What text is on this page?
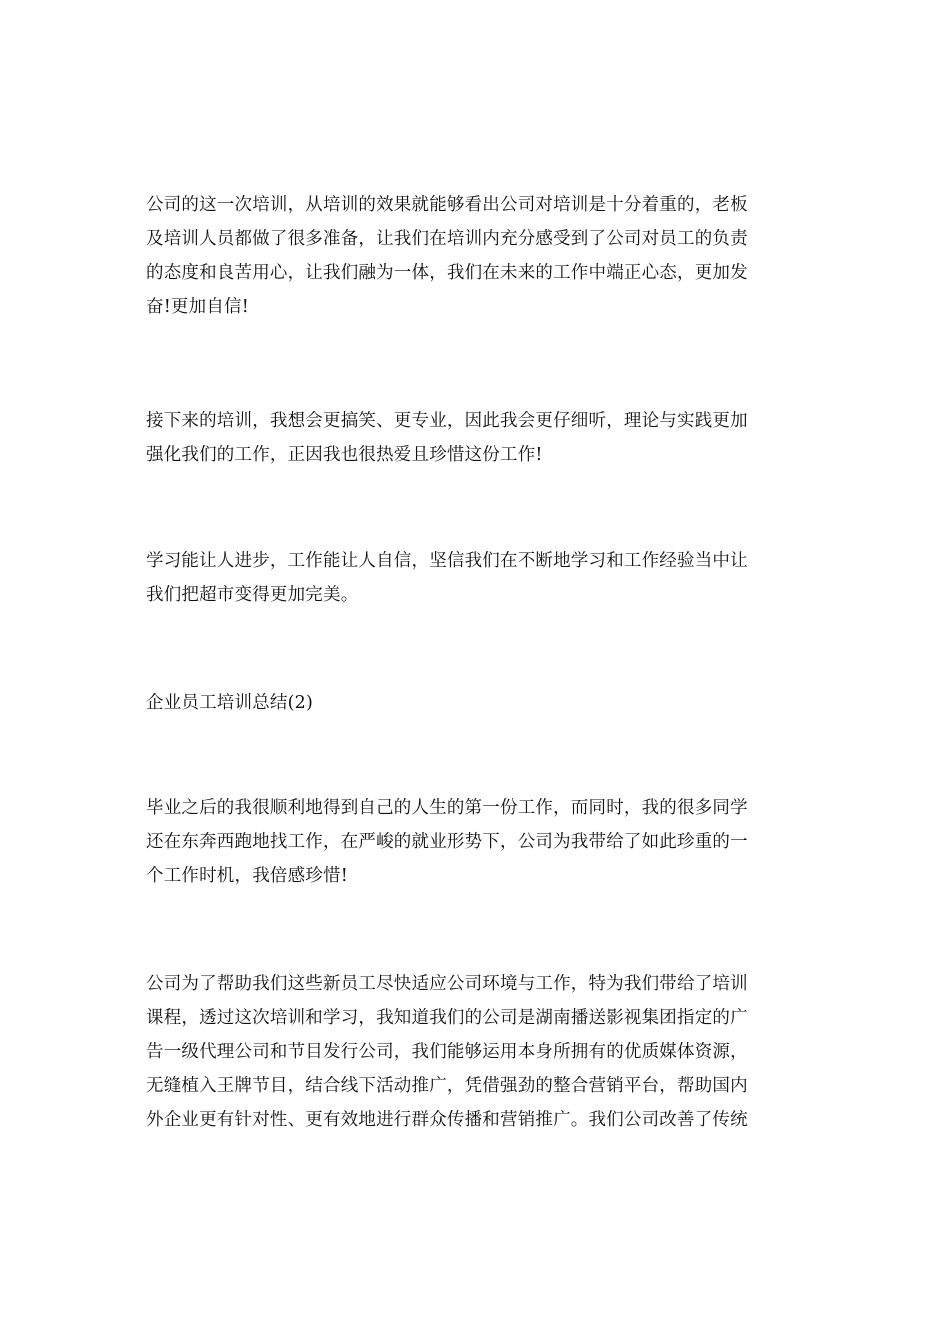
公司的这一次培训，从培训的效果就能够看出公司对培训是十分着重的，老板
及培训人员都做了很多准备，让我们在培训内充分感受到了公司对员工的负责
的态度和良苦用心，让我们融为一体，我们在未来的工作中端正心态，更加发
奋!更加自信!
接下来的培训，我想会更搞笑、更专业，因此我会更仔细听，理论与实践更加
强化我们的工作，正因我也很热爱且珍惜这份工作!
学习能让人进步，工作能让人自信，坚信我们在不断地学习和工作经验当中让
我们把超市变得更加完美。
企业员工培训总结(2)
毕业之后的我很顺利地得到自己的人生的第一份工作，而同时，我的很多同学
还在东奔西跑地找工作，在严峻的就业形势下，公司为我带给了如此珍重的一
个工作时机，我倍感珍惜!
公司为了帮助我们这些新员工尽快适应公司环境与工作，特为我们带给了培训
课程，透过这次培训和学习，我知道我们的公司是湖南播送影视集团指定的广
告一级代理公司和节目发行公司，我们能够运用本身所拥有的优质媒体资源，
无缝植入王牌节目，结合线下活动推广，凭借强劲的整合营销平台，帮助国内
外企业更有针对性、更有效地进行群众传播和营销推广。我们公司改善了传统
